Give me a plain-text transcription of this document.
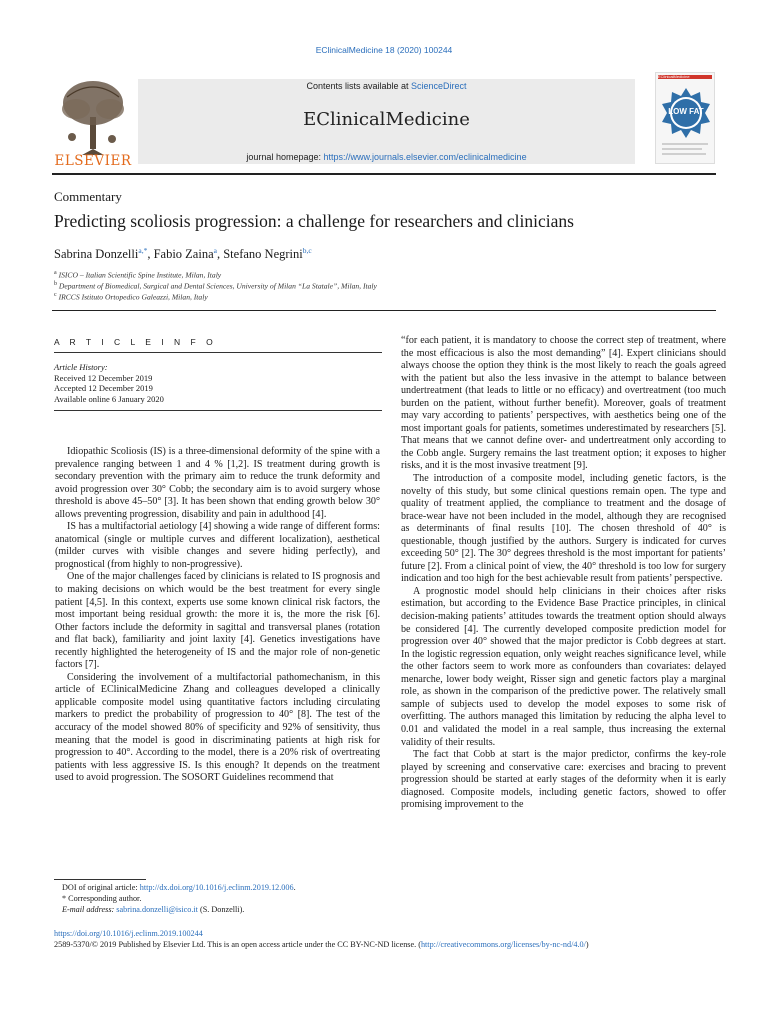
EClinicalMedicine 18 (2020) 100244
ELSEVIER
Contents lists available at ScienceDirect
EClinicalMedicine
journal homepage: https://www.journals.elsevier.com/eclinicalmedicine
EClinicalMedicine
LOW FAT
Commentary
Predicting scoliosis progression: a challenge for researchers and clinicians
Sabrina Donzelli$^{a,*}$, Fabio Zaina$^a$, Stefano Negrini$^{b,c}$
$^a$ ISICO – Italian Scientific Spine Institute, Milan, Italy
$^b$ Department of Biomedical, Surgical and Dental Sciences, University of Milan “La Statale”, Milan, Italy
$^c$ IRCCS Istituto Ortopedico Galeazzi, Milan, Italy
A R T I C L E I N F O
Article History:
Received 12 December 2019
Accepted 12 December 2019
Available online 6 January 2020

Idiopathic Scoliosis (IS) is a three-dimensional deformity of the spine with a prevalence ranging between 1 and 4 % [1,2]. IS treatment during growth is secondary prevention with the primary aim to reduce the trunk deformity and avoid progression over 30° Cobb; the secondary aim is to avoid surgery whose threshold is above 45–50° [3]. It has been shown that ending growth below 30° allows preventing progression, disability and pain in adulthood [4].

IS has a multifactorial aetiology [4] showing a wide range of different forms: anatomical (single or multiple curves and different localization), aesthetical (milder curves with visible changes and severe hiding perfectly), and prognostical (from highly to non-progressive).

One of the major challenges faced by clinicians is related to IS prognosis and to making decisions on which would be the best treatment for every single patient [4,5]. In this context, experts use some known clinical risk factors, the most important being residual growth: the more it is, the more the risk [6]. Other factors include the deformity in sagittal and transversal planes (rotation and flat back), familiarity and joint laxity [4]. Genetics investigations have recently highlighted the heterogeneity of IS and the major role of non-genetic factors [7].

Considering the involvement of a multifactorial pathomechanism, in this article of EClinicalMedicine Zhang and colleagues developed a clinically applicable composite model using quantitative factors including circulating markers to predict the probability of progression to 40° [8]. The test of the accuracy of the model showed 80% of specificity and 92% of sensitivity, thus meaning that the model is good in discriminating patients at high risk for progression to 40°. According to the model, there is a 20% risk of overtreating patients with less aggressive IS. Is this enough? It depends on the treatment used to avoid progression. The SOSORT Guidelines recommend that

“for each patient, it is mandatory to choose the correct step of treatment, where the most efficacious is also the most demanding” [4]. Expert clinicians should always choose the option they think is the most likely to reach the goals agreed with the patient but also the less invasive in the attempt to balance between undertreatment (that leads to little or no efficacy) and overtreatment (too much burden on the patient, without further benefit). Moreover, goals of treatment may vary according to patients’ perspectives, with aesthetics being one of the most important goals for patients, sometimes underestimated by researchers [5]. That means that we cannot define over- and undertreatment only according to the Cobb angle. Surgery remains the last treatment option; it exposes to higher risks, and it is the most invasive treatment [9].

The introduction of a composite model, including genetic factors, is the novelty of this study, but some clinical questions remain open. The type and quality of treatment applied, the compliance to treatment and the dosage of brace-wear have not been included in the model, although they are recognised as determinants of final results [10]. The chosen threshold of 40° is questionable, though justified by the authors. Surgery is indicated for curves exceeding 50° [2]. The 30° degrees threshold is the most important for patients’ future [2]. From a clinical point of view, the 40° threshold is too low for surgery indication and too high for the best achievable result from patients’ perspective.

A prognostic model should help clinicians in their choices after risks estimation, but according to the Evidence Base Practice principles, in clinical decision-making patients’ attitudes towards the treatment option should always be considered [4]. The currently developed composite prediction model for progression over 40° showed that the major predictor is Cobb degrees at start. In the logistic regression equation, only weight reaches significance level, while the other factors seem to work more as confounders than covariates: delayed menarche, lower body weight, Risser sign and genetic factors play a marginal role, as shown in the comparison of the predictive power. The relatively small sample of subjects used to develop the model exposes to some risk of overfitting. The authors managed this limitation by reducing the alpha level to 0.01 and validated the model in a real sample, thus increasing the external validity of their results.

The fact that Cobb at start is the major predictor, confirms the key-role played by screening and conservative care: exercises and bracing to prevent progression should be started at early stages of the deformity when it is early diagnosed. Composite models, including genetic factors, showed to offer promising improvement to the

DOI of original article: http://dx.doi.org/10.1016/j.eclinm.2019.12.006.
* Corresponding author.
E-mail address: sabrina.donzelli@isico.it (S. Donzelli).
https://doi.org/10.1016/j.eclinm.2019.100244
2589-5370/© 2019 Published by Elsevier Ltd. This is an open access article under the CC BY-NC-ND license. (http://creativecommons.org/licenses/by-nc-nd/4.0/)
